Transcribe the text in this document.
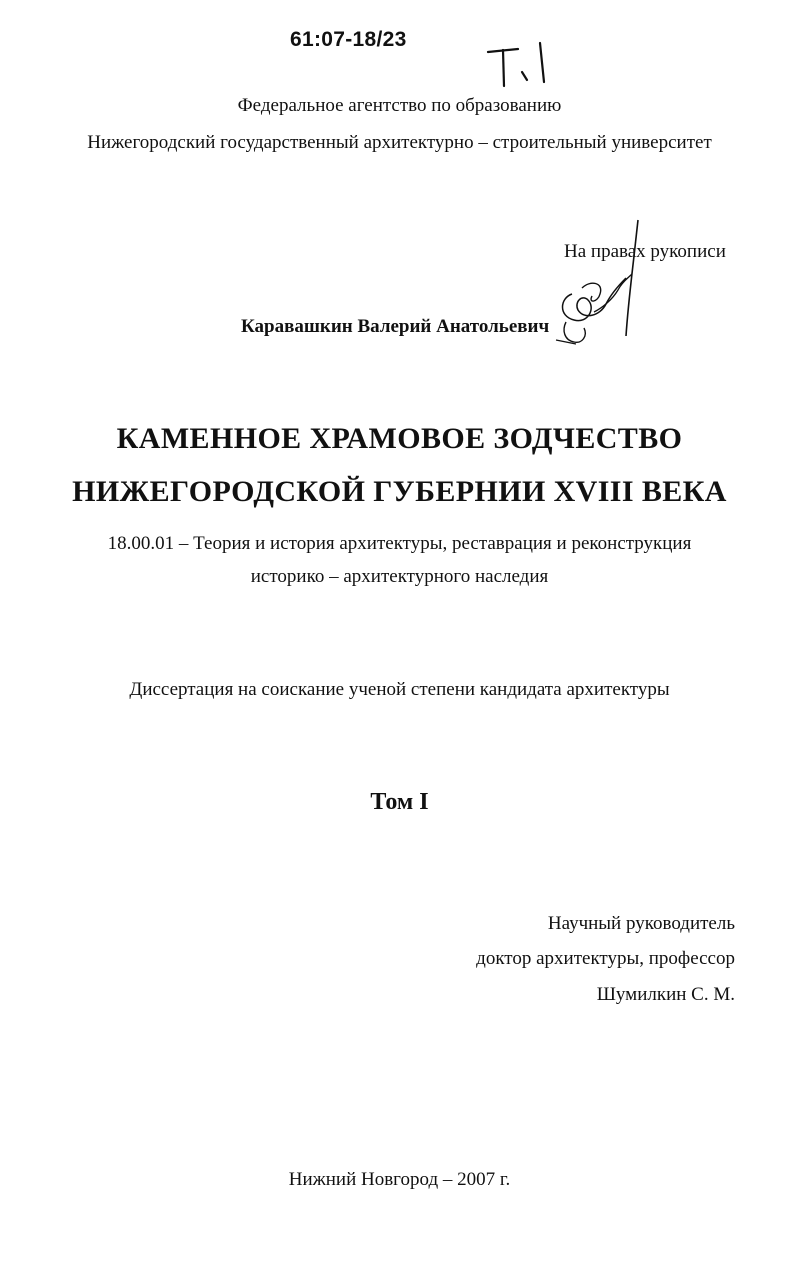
61:07-18/23
Федеральное агентство по образованию
Нижегородский государственный архитектурно – строительный университет
На правах рукописи
Каравашкин Валерий Анатольевич
КАМЕННОЕ ХРАМОВОЕ ЗОДЧЕСТВО
НИЖЕГОРОДСКОЙ ГУБЕРНИИ XVIII ВЕКА
18.00.01 – Теория и история архитектуры, реставрация и реконструкция
историко – архитектурного наследия
Диссертация на соискание ученой степени кандидата архитектуры
Том I
Научный руководитель
доктор архитектуры, профессор
Шумилкин С. М.
Нижний Новгород – 2007 г.
